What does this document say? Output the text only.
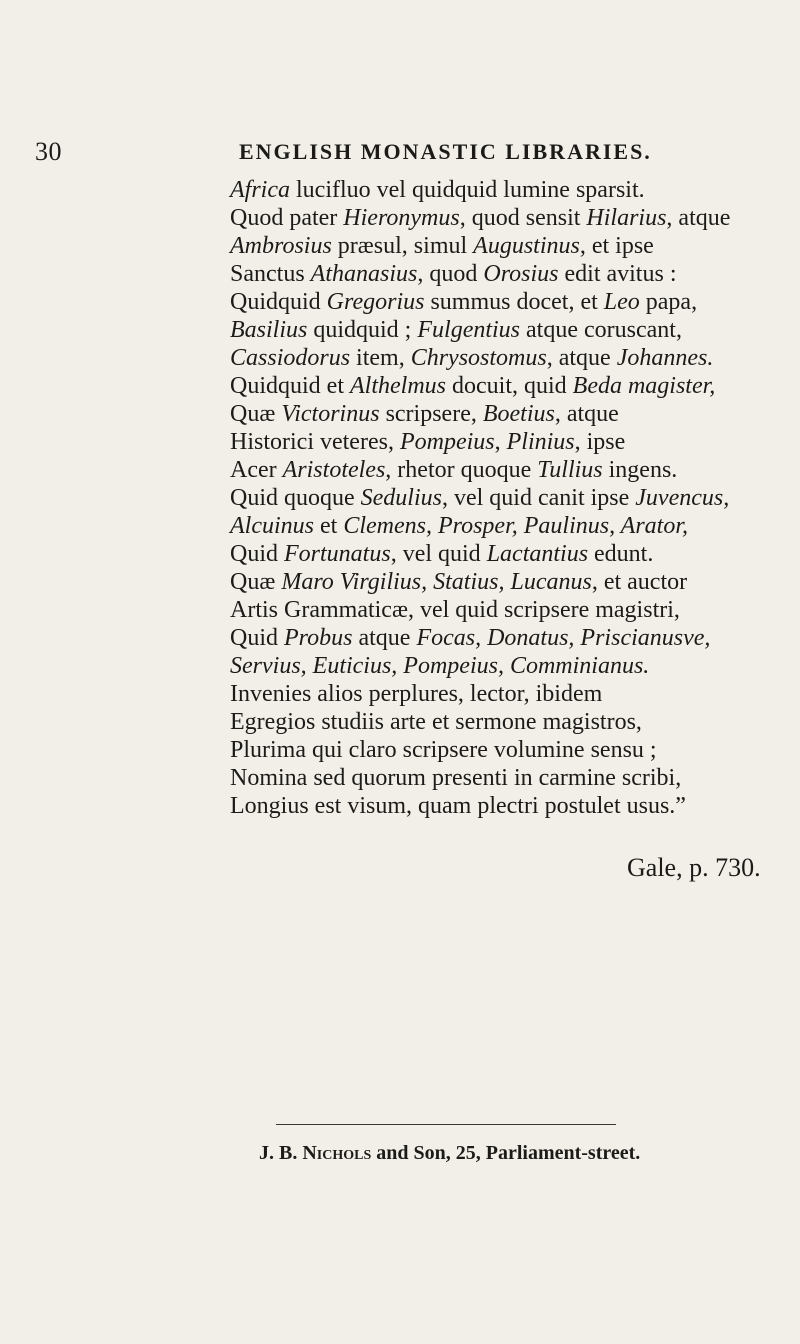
30	ENGLISH MONASTIC LIBRARIES.
Africa lucifluo vel quidquid lumine sparsit.
Quod pater Hieronymus, quod sensit Hilarius, atque
Ambrosius præsul, simul Augustinus, et ipse
Sanctus Athanasius, quod Orosius edit avitus :
Quidquid Gregorius summus docet, et Leo papa,
Basilius quidquid ; Fulgentius atque coruscant,
Cassiodorus item, Chrysostomus, atque Johannes.
Quidquid et Althelmus docuit, quid Beda magister,
Quæ Victorinus scripsere, Boetius, atque
Historici veteres, Pompeius, Plinius, ipse
Acer Aristoteles, rhetor quoque Tullius ingens.
Quid quoque Sedulius, vel quid canit ipse Juvencus,
Alcuinus et Clemens, Prosper, Paulinus, Arator,
Quid Fortunatus, vel quid Lactantius edunt.
Quæ Maro Virgilius, Statius, Lucanus, et auctor
Artis Grammaticæ, vel quid scripsere magistri,
Quid Probus atque Focas, Donatus, Priscianusve,
Servius, Euticius, Pompeius, Comminianus.
Invenies alios perplures, lector, ibidem
Egregios studiis arte et sermone magistros,
Plurima qui claro scripsere volumine sensu ;
Nomina sed quorum presenti in carmine scribi,
Longius est visum, quam plectri postulet usus.”
Gale, p. 730.
J. B. Nichols and Son, 25, Parliament-street.
